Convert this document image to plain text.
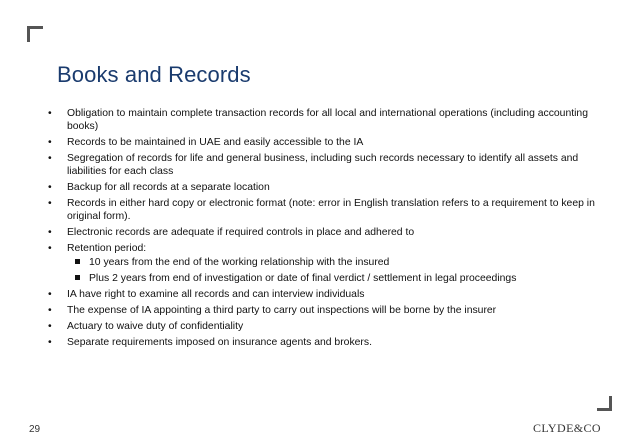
Books and Records
•	Obligation to maintain complete transaction records for all local and international operations (including accounting books)
•	Records to be maintained in UAE and easily accessible to the IA
•	Segregation of records for life and general business, including such records necessary to identify all assets and liabilities for each class
•	Backup for all records at a separate location
•	Records in either hard copy or electronic format (note: error in English translation refers to a requirement to keep in original form).
•	Electronic records are adequate if required controls in place and adhered to
•	Retention period:
10 years from the end of the working relationship with the insured
Plus 2 years from end of investigation or date of final verdict / settlement in legal proceedings
•	IA have right to examine all records and can interview individuals
•	The expense of IA appointing a third party to carry out inspections will be borne by the insurer
•	Actuary to waive duty of confidentiality
•	Separate requirements imposed on insurance agents and brokers.
29	CLYDE&CO
